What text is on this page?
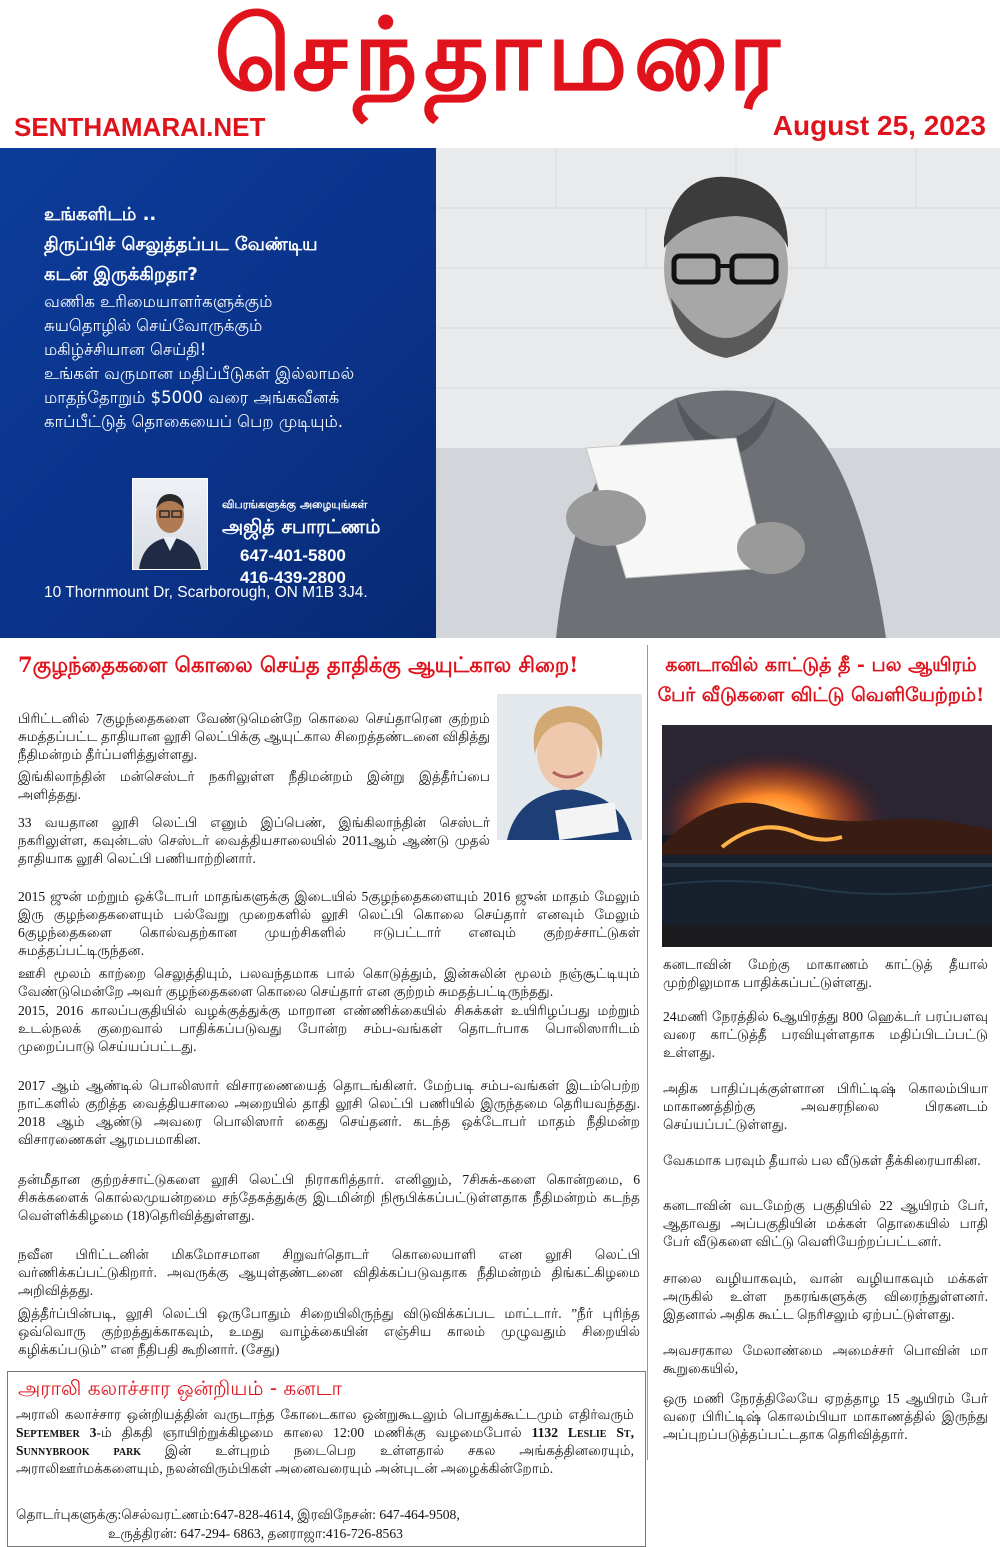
செந்தாமரை
SENTHAMARAI.NET	August 25, 2023
உங்களிடம் ..
திருப்பிச் செலுத்தப்பட வேண்டிய
கடன் இருக்கிறதா?
வணிக உரிமையாளர்களுக்கும்
சுயதொழில் செய்வோருக்கும்
மகிழ்ச்சியான செய்தி!
உங்கள் வருமான மதிப்பீடுகள் இல்லாமல்
மாதந்தோறும் $5000 வரை அங்கவீனக்
காப்பீட்டுத் தொகையைப் பெற முடியும்.
விபரங்களுக்கு அழையுங்கள்
அஜித் சபாரட்ணம்
647-401-5800
416-439-2800
10 Thornmount Dr, Scarborough, ON M1B 3J4.
7குழந்தைகளை கொலை செய்த தாதிக்கு ஆயுட்கால சிறை!	கனடாவில் காட்டுத் தீ - பல ஆயிரம்
பேர் வீடுகளை விட்டு வெளியேற்றம்!

பிரிட்டனில் 7குழந்தைகளை வேண்டுமென்றே கொலை செய்தாரென குற்றம் சுமத்தப்பட்ட தாதியான லூசி லெட்பிக்கு ஆயுட்கால சிறைத்தண்டனை விதித்து நீதிமன்றம் தீர்ப்பளித்துள்ளது.

இங்கிலாந்தின் மன்செஸ்டர் நகரிலுள்ள நீதிமன்றம் இன்று இத்தீர்ப்பை அளித்தது.

33 வயதான லூசி லெட்பி எனும் இப்பெண், இங்கிலாந்தின் செஸ்டர் நகரிலுள்ள, கவுன்டஸ் செஸ்டர் வைத்தியசாலையில் 2011ஆம் ஆண்டு முதல் தாதியாக லூசி லெட்பி பணியாற்றினார்.

2015 ஜுன் மற்றும் ஒக்டோபர் மாதங்களுக்கு இடையில் 5குழந்தைகளையும் 2016 ஜுன் மாதம் மேலும் இரு குழந்தைகளையும் பல்வேறு முறைகளில் லூசி லெட்பி கொலை செய்தார் எனவும் மேலும் 6குழந்தைகளை கொல்வதற்கான முயற்சிகளில் ஈடுபட்டார் எனவும் குற்றச்சாட்டுகள் சுமத்தப்பட்டிருந்தன.

ஊசி மூலம் காற்றை செலுத்தியும், பலவந்தமாக பால் கொடுத்தும், இன்சுலின் மூலம் நஞ்சூட்டியும் வேண்டுமென்றே அவர் குழந்தைகளை கொலை செய்தார் என குற்றம் சுமதத்பட்டிருந்தது.

2015, 2016 காலப்பகுதியில் வழக்குத்துக்கு மாறான எண்ணிக்கையில் சிசுக்கள் உயிரிழப்பது மற்றும் உடல்நலக் குறைவால் பாதிக்கப்படுவது போன்ற சம்ப-வங்கள் தொடர்பாக பொலிஸாரிடம் முறைப்பாடு செய்யப்பட்டது.

2017 ஆம் ஆண்டில் பொலிஸார் விசாரணையைத் தொடங்கினர். மேற்படி சம்ப-வங்கள் இடம்பெற்ற நாட்களில் குறித்த வைத்தியசாலை அறையில் தாதி லூசி லெட்பி பணியில் இருந்தமை தெரியவந்தது. 2018 ஆம் ஆண்டு அவரை பொலிஸார் கைது செய்தனர். கடந்த ஒக்டோபர் மாதம் நீதிமன்ற விசாரணைகள் ஆரமபமாகின.

தன்மீதான குற்றச்சாட்டுகளை லூசி லெட்பி நிராகரித்தார். எனினும், 7சிசுக்-களை கொன்றமை, 6 சிசுக்களைக் கொல்லமுயன்றமை சந்தேகத்துக்கு இடமின்றி நிரூபிக்கப்பட்டுள்ளதாக நீதிமன்றம் கடந்த வெள்ளிக்கிழமை (18)தெரிவித்துள்ளது.

நவீன பிரிட்டனின் மிகமோசமான சிறுவர்தொடர் கொலையாளி என லூசி லெட்பி வர்ணிக்கப்பட்டுகிறார். அவருக்கு ஆயுள்தண்டனை விதிக்கப்படுவதாக நீதிமன்றம் திங்கட்கிழமை அறிவித்தது.

இத்தீர்ப்பின்படி, லூசி லெட்பி ஒருபோதும் சிறையிலிருந்து விடுவிக்கப்பட மாட்டார். ”நீர் புரிந்த ஒவ்வொரு குற்றத்துக்காகவும், உமது வாழ்க்கையின் எஞ்சிய காலம் முழுவதும் சிறையில் கழிக்கப்படும்” என நீதிபதி கூறினார். (சேது)

கனடாவின் மேற்கு மாகாணம் காட்டுத் தீயால் முற்றிலுமாக பாதிக்கப்பட்டுள்ளது.

24மணி நேரத்தில் 6ஆயிரத்து 800 ஹெக்டர் பரப்பளவு வரை காட்டுத்தீ பரவியுள்ளதாக மதிப்பிடப்பட்டு உள்ளது.

அதிக பாதிப்புக்குள்ளான பிரிட்டிஷ் கொலம்பியா மாகாணத்திற்கு அவசரநிலை பிரகனடம் செய்யப்பட்டுள்ளது.

வேகமாக பரவும் தீயால் பல வீடுகள் தீக்கிரையாகின.

கனடாவின் வடமேற்கு பகுதியில் 22 ஆயிரம் பேர், ஆதாவது அப்பகுதியின் மக்கள் தொகையில் பாதி பேர் வீடுகளை விட்டு வெளியேற்றப்பட்டனர்.

சாலை வழியாகவும், வான் வழியாகவும் மக்கள் அருகில் உள்ள நகரங்களுக்கு விரைந்துள்ளனர். இதனால் அதிக கூட்ட நெரிசலும் ஏற்பட்டுள்ளது.

அவசரகால மேலாண்மை அமைச்சர் பொவின் மா கூறுகையில்,

ஒரு மணி நேரத்திலேயே ஏறத்தாழ 15 ஆயிரம் பேர் வரை பிரிட்டிஷ் கொலம்பியா மாகாணத்தில் இருந்து அப்புறப்படுத்தப்பட்டதாக தெரிவித்தார்.

அராலி கலாச்சார ஒன்றியம் - கனடா

அராலி கலாச்சார ஒன்றியத்தின் வருடாந்த கோடைகால ஒன்றுகூடலும் பொதுக்கூட்டமும் எதிர்வரும் September 3-ம் திகதி ஞாயிற்றுக்கிழமை காலை 12:00 மணிக்கு வழமைபோல் 1132 Leslie St, Sunnybrook park இன் உள்புறம் நடைபெற உள்ளதால் சகல அங்கத்தினரையும், அராலிஊர்மக்களையும், நலன்விரும்பிகள் அனைவரையும் அன்புடன் அழைக்கின்றோம்.

தொடர்புகளுக்கு:செல்வரட்ணம்:647-828-4614, இரவிநேசன்: 647-464-9508,

உருத்திரன்: 647-294- 6863, தனராஜா:416-726-8563
